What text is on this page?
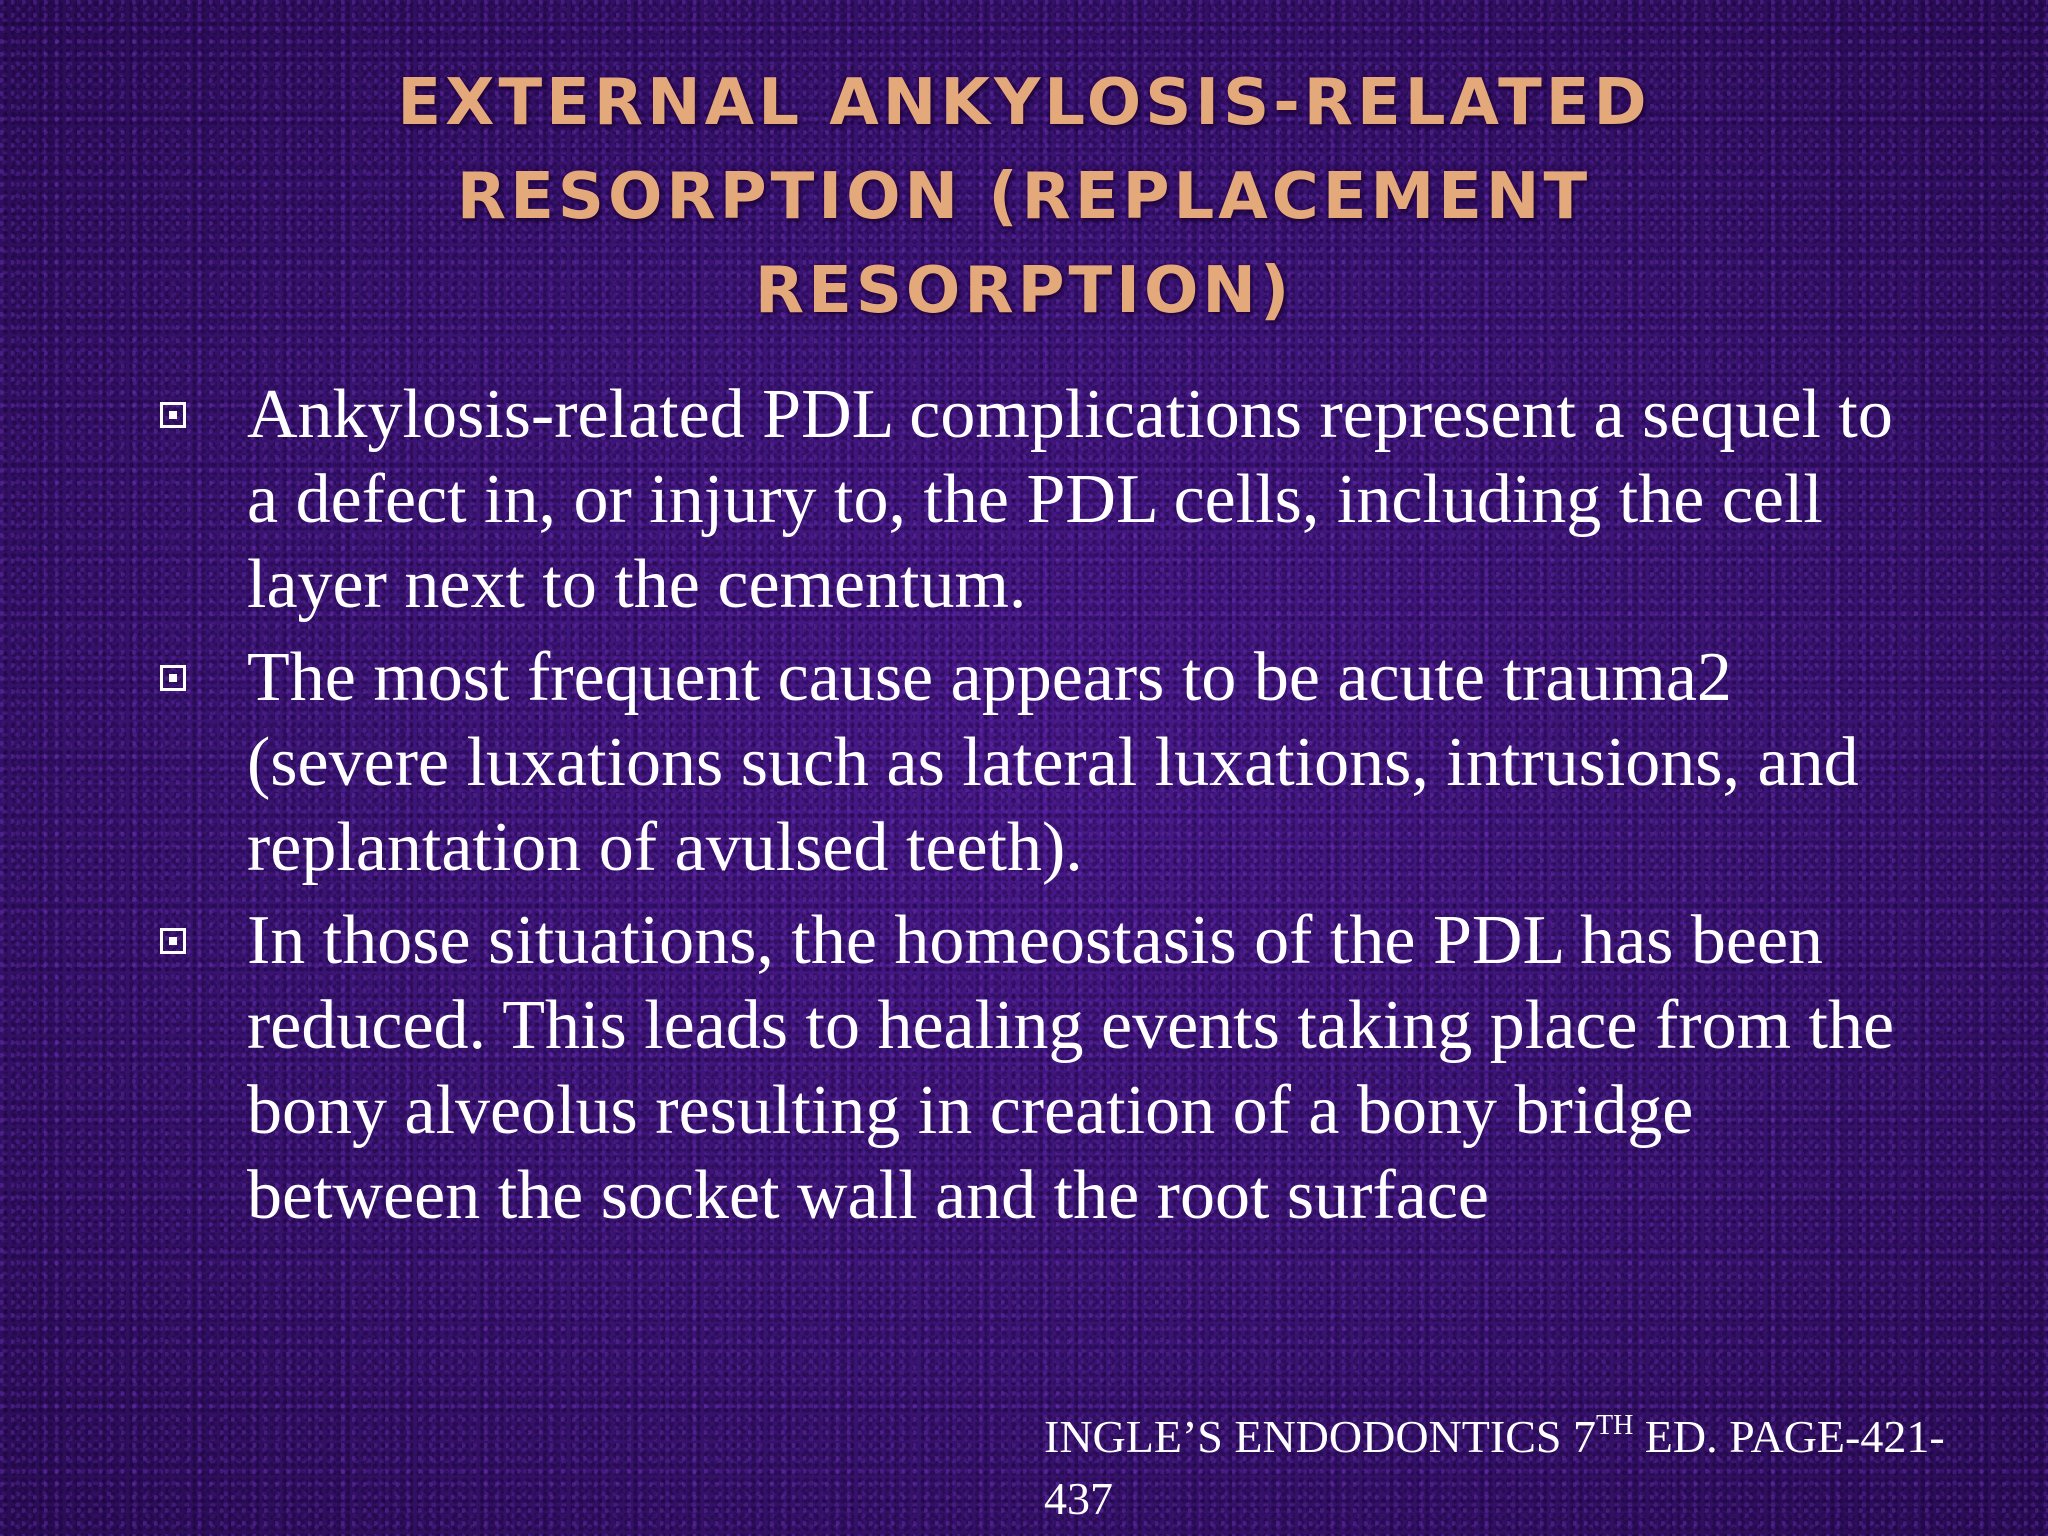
EXTERNAL ANKYLOSIS-RELATED RESORPTION (REPLACEMENT RESORPTION)
Ankylosis-related PDL complications represent a sequel to a defect in, or injury to, the PDL cells, including the cell layer next to the cementum.
The most frequent cause appears to be acute trauma2 (severe luxations such as lateral luxations, intrusions, and replantation of avulsed teeth).
In those situations, the homeostasis of the PDL has been reduced. This leads to healing events taking place from the bony alveolus resulting in creation of a bony bridge between the socket wall and the root surface
INGLE’S ENDODONTICS 7TH ED. PAGE-421-437
